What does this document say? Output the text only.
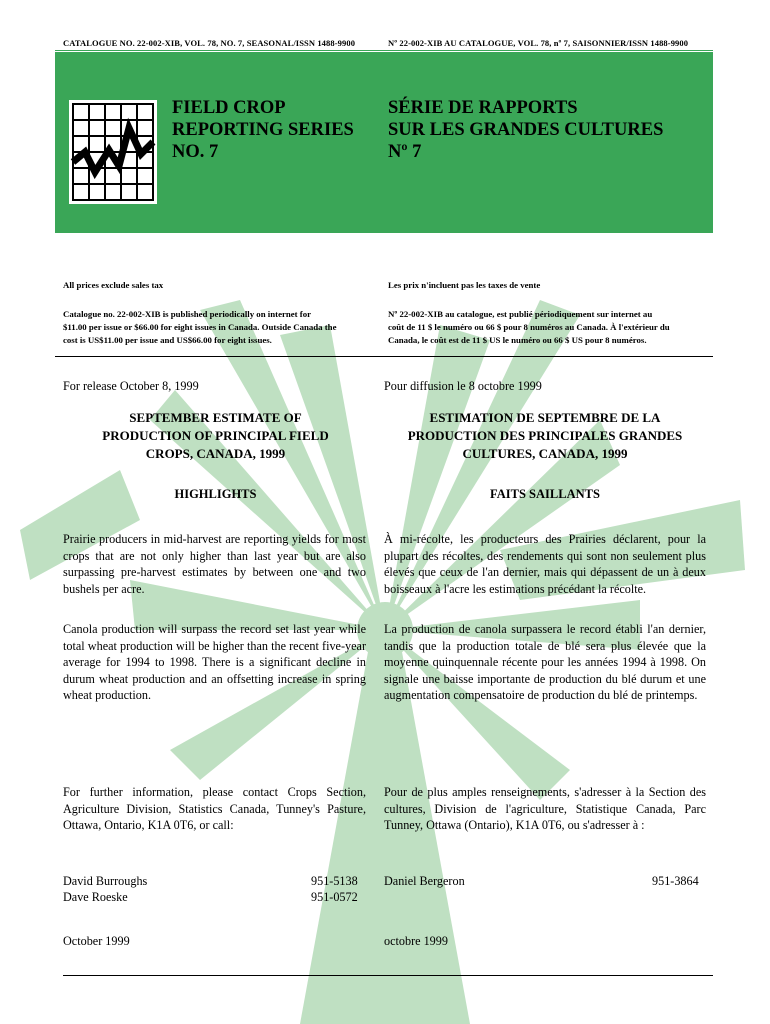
CATALOGUE NO. 22-002-XIB, VOL. 78, NO. 7, SEASONAL/ISSN 1488-9900	Nº 22-002-XIB AU CATALOGUE, VOL. 78, nº 7, SAISONNIER/ISSN 1488-9900
FIELD CROP
REPORTING SERIES
NO. 7
SÉRIE DE RAPPORTS
SUR LES GRANDES CULTURES
Nº 7
All prices exclude sales tax	Les prix n'incluent pas les taxes de vente
Catalogue no. 22-002-XIB is published periodically on internet for
$11.00 per issue or $66.00 for eight issues in Canada. Outside Canada the
cost is US$11.00 per issue and US$66.00 for eight issues.
Nº 22-002-XIB au catalogue, est publié périodiquement sur internet au
coût de 11 $ le numéro ou 66 $ pour 8 numéros au Canada. À l'extérieur du
Canada, le coût est de 11 $ US le numéro ou 66 $ US pour 8 numéros.
For release October 8, 1999	Pour diffusion le 8 octobre 1999
SEPTEMBER ESTIMATE OF
PRODUCTION OF PRINCIPAL FIELD
CROPS, CANADA, 1999
ESTIMATION DE SEPTEMBRE DE LA
PRODUCTION DES PRINCIPALES GRANDES
CULTURES, CANADA, 1999
HIGHLIGHTS	FAITS SAILLANTS
Prairie producers in mid-harvest are reporting yields for most crops that are not only higher than last year but are also surpassing pre-harvest estimates by between one and two bushels per acre.
À mi-récolte, les producteurs des Prairies déclarent, pour la plupart des récoltes, des rendements qui sont non seulement plus élevés que ceux de l'an dernier, mais qui dépassent de un à deux boisseaux à l'acre les estimations précédant la récolte.
Canola production will surpass the record set last year while total wheat production will be higher than the recent five-year average for 1994 to 1998. There is a significant decline in durum wheat production and an offsetting increase in spring wheat production.
La production de canola surpassera le record établi l'an dernier, tandis que la production totale de blé sera plus élevée que la moyenne quinquennale récente pour les années 1994 à 1998. On signale une baisse importante de production du blé durum et une augmentation compensatoire de production du blé de printemps.
For further information, please contact Crops Section, Agriculture Division, Statistics Canada, Tunney's Pasture, Ottawa, Ontario, K1A 0T6, or call:
Pour de plus amples renseignements, s'adresser à la Section des cultures, Division de l'agriculture, Statistique Canada, Parc Tunney, Ottawa (Ontario), K1A 0T6, ou s'adresser à :
David Burroughs	951-5138
Dave Roeske	951-0572
Daniel Bergeron	951-3864
October 1999	octobre 1999
